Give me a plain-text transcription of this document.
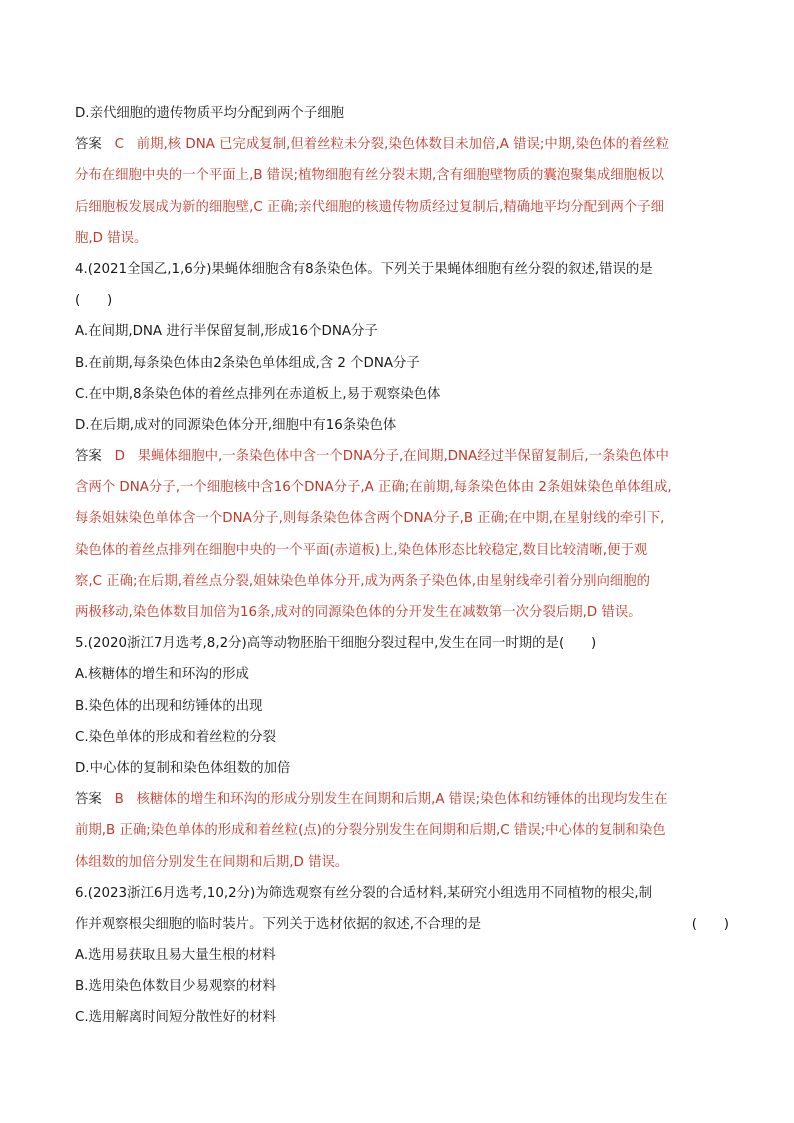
D.亲代细胞的遗传物质平均分配到两个子细胞

答案 C 前期,核 DNA 已完成复制,但着丝粒未分裂,染色体数目未加倍,A 错误;中期,染色体的着丝粒

分布在细胞中央的一个平面上,B 错误;植物细胞有丝分裂末期,含有细胞壁物质的囊泡聚集成细胞板以

后细胞板发展成为新的细胞壁,C 正确;亲代细胞的核遗传物质经过复制后,精确地平均分配到两个子细

胞,D 错误。

4.(2021全国乙,1,6分)果蝇体细胞含有8条染色体。下列关于果蝇体细胞有丝分裂的叙述,错误的是

(　　)

A.在间期,DNA 进行半保留复制,形成16个DNA分子

B.在前期,每条染色体由2条染色单体组成,含 2 个DNA分子

C.在中期,8条染色体的着丝点排列在赤道板上,易于观察染色体

D.在后期,成对的同源染色体分开,细胞中有16条染色体

答案 D 果蝇体细胞中,一条染色体中含一个DNA分子,在间期,DNA经过半保留复制后,一条染色体中

含两个 DNA分子,一个细胞核中含16个DNA分子,A 正确;在前期,每条染色体由 2条姐妹染色单体组成,

每条姐妹染色单体含一个DNA分子,则每条染色体含两个DNA分子,B 正确;在中期,在星射线的牵引下,

染色体的着丝点排列在细胞中央的一个平面(赤道板)上,染色体形态比较稳定,数目比较清晰,便于观

察,C 正确;在后期,着丝点分裂,姐妹染色单体分开,成为两条子染色体,由星射线牵引着分别向细胞的

两极移动,染色体数目加倍为16条,成对的同源染色体的分开发生在减数第一次分裂后期,D 错误。

5.(2020浙江7月选考,8,2分)高等动物胚胎干细胞分裂过程中,发生在同一时期的是(　　)

A.核糖体的增生和环沟的形成

B.染色体的出现和纺锤体的出现

C.染色单体的形成和着丝粒的分裂

D.中心体的复制和染色体组数的加倍

答案 B 核糖体的增生和环沟的形成分别发生在间期和后期,A 错误;染色体和纺锤体的出现均发生在

前期,B 正确;染色单体的形成和着丝粒(点)的分裂分别发生在间期和后期,C 错误;中心体的复制和染色

体组数的加倍分别发生在间期和后期,D 错误。

6.(2023浙江6月选考,10,2分)为筛选观察有丝分裂的合适材料,某研究小组选用不同植物的根尖,制

作并观察根尖细胞的临时装片。下列关于选材依据的叙述,不合理的是	(　　)

A.选用易获取且易大量生根的材料

B.选用染色体数目少易观察的材料

C.选用解离时间短分散性好的材料
